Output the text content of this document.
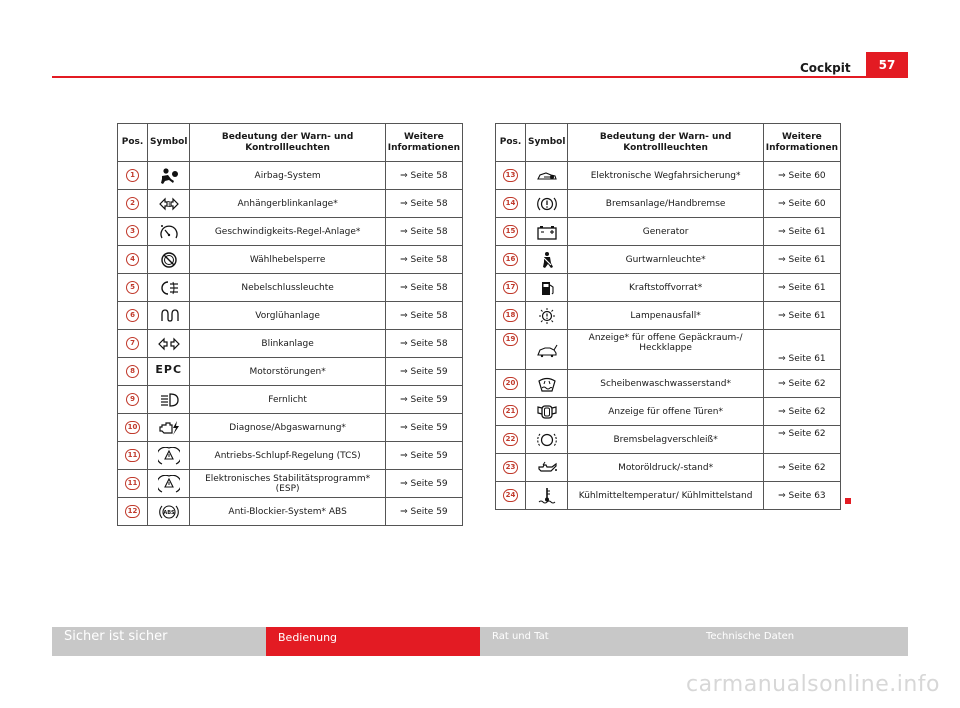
Cockpit	57
Pos.	Symbol	Bedeutung der Warn- und
Kontrollleuchten	Weitere
Informationen
1		Airbag-System	⇒ Seite 58
2	1	Anhängerblinkanlage*	⇒ Seite 58
3		Geschwindigkeits-Regel-Anlage*	⇒ Seite 58
4		Wählhebelsperre	⇒ Seite 58
5		Nebelschlussleuchte	⇒ Seite 58
6		Vorglühanlage	⇒ Seite 58
7		Blinkanlage	⇒ Seite 58
8	EPC	Motorstörungen*	⇒ Seite 59
9		Fernlicht	⇒ Seite 59
10		Diagnose/Abgaswarnung*	⇒ Seite 59
11		Antriebs-Schlupf-Regelung (TCS)	⇒ Seite 59
11		Elektronisches Stabilitätsprogramm* (ESP)	⇒ Seite 59
12	ABS	Anti-Blockier-System* ABS	⇒ Seite 59
Pos.	Symbol	Bedeutung der Warn- und
Kontrollleuchten	Weitere
Informationen
13		Elektronische Wegfahrsicherung*	⇒ Seite 60
14		Bremsanlage/Handbremse	⇒ Seite 60
15		Generator	⇒ Seite 61
16		Gurtwarnleuchte*	⇒ Seite 61
17		Kraftstoffvorrat*	⇒ Seite 61
18		Lampenausfall*	⇒ Seite 61
19		Anzeige* für offene Gepäckraum-/
Heckklappe	⇒ Seite 61
20		Scheibenwaschwasserstand*	⇒ Seite 62
21		Anzeige für offene Türen*	⇒ Seite 62
22		Bremsbelagverschleiß*	⇒ Seite 62
23		Motoröldruck/-stand*	⇒ Seite 62
24		Kühlmitteltemperatur/ Kühlmittelstand	⇒ Seite 63
Sicher ist sicher	Bedienung	Rat und Tat	Technische Daten
carmanualsonline.info
